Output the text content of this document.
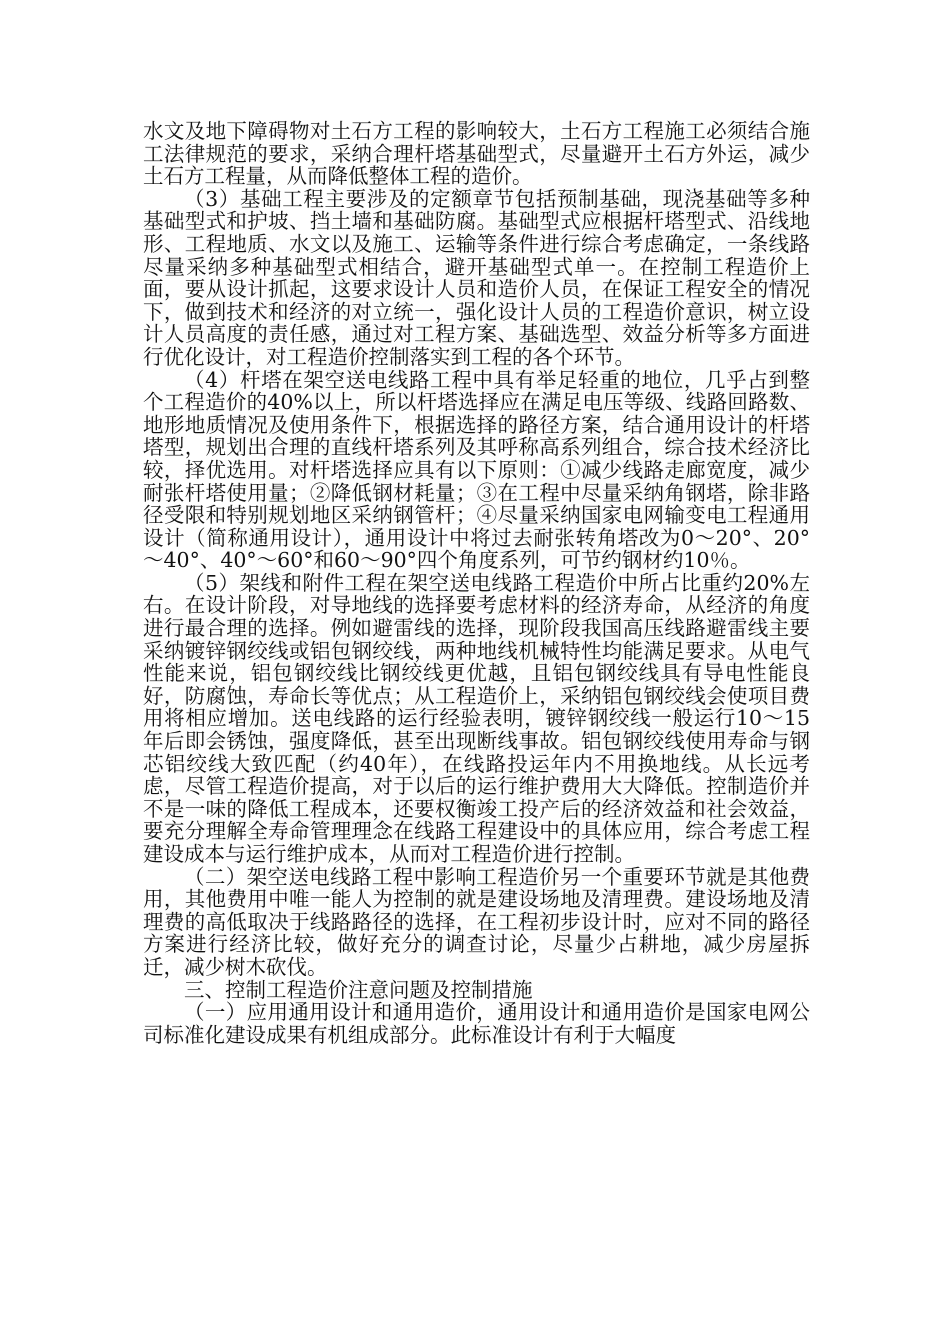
水文及地下障碍物对土石方工程的影响较大，土石方工程施工必须结合施工法律规范的要求，采纳合理杆塔基础型式，尽量避开土石方外运，减少土石方工程量，从而降低整体工程的造价。

（3）基础工程主要涉及的定额章节包括预制基础，现浇基础等多种基础型式和护坡、挡土墙和基础防腐。基础型式应根据杆塔型式、沿线地形、工程地质、水文以及施工、运输等条件进行综合考虑确定，一条线路尽量采纳多种基础型式相结合，避开基础型式单一。在控制工程造价上面，要从设计抓起，这要求设计人员和造价人员，在保证工程安全的情况下，做到技术和经济的对立统一，强化设计人员的工程造价意识，树立设计人员高度的责任感，通过对工程方案、基础选型、效益分析等多方面进行优化设计，对工程造价控制落实到工程的各个环节。

（4）杆塔在架空送电线路工程中具有举足轻重的地位，几乎占到整个工程造价的40%以上，所以杆塔选择应在满足电压等级、线路回路数、地形地质情况及使用条件下，根据选择的路径方案，结合通用设计的杆塔塔型，规划出合理的直线杆塔系列及其呼称高系列组合，综合技术经济比较，择优选用。对杆塔选择应具有以下原则：①减少线路走廊宽度，减少耐张杆塔使用量；②降低钢材耗量；③在工程中尽量采纳角钢塔，除非路径受限和特别规划地区采纳钢管杆；④尽量采纳国家电网输变电工程通用设计（简称通用设计），通用设计中将过去耐张转角塔改为0～20°、20°～40°、40°～60°和60～90°四个角度系列，可节约钢材约10％。

（5）架线和附件工程在架空送电线路工程造价中所占比重约20%左右。在设计阶段，对导地线的选择要考虑材料的经济寿命，从经济的角度进行最合理的选择。例如避雷线的选择，现阶段我国高压线路避雷线主要采纳镀锌钢绞线或铝包钢绞线，两种地线机械特性均能满足要求。从电气性能来说，铝包钢绞线比钢绞线更优越，且铝包钢绞线具有导电性能良好，防腐蚀，寿命长等优点；从工程造价上，采纳铝包钢绞线会使项目费用将相应增加。送电线路的运行经验表明，镀锌钢绞线一般运行10～15年后即会锈蚀，强度降低，甚至出现断线事故。铝包钢绞线使用寿命与钢芯铝绞线大致匹配（约40年），在线路投运年内不用换地线。从长远考虑，尽管工程造价提高，对于以后的运行维护费用大大降低。控制造价并不是一味的降低工程成本，还要权衡竣工投产后的经济效益和社会效益，要充分理解全寿命管理理念在线路工程建设中的具体应用，综合考虑工程建设成本与运行维护成本，从而对工程造价进行控制。

（二）架空送电线路工程中影响工程造价另一个重要环节就是其他费用，其他费用中唯一能人为控制的就是建设场地及清理费。建设场地及清理费的高低取决于线路路径的选择，在工程初步设计时，应对不同的路径方案进行经济比较，做好充分的调查讨论，尽量少占耕地，减少房屋拆迁，减少树木砍伐。

三、控制工程造价注意问题及控制措施

（一）应用通用设计和通用造价，通用设计和通用造价是国家电网公司标准化建设成果有机组成部分。此标准设计有利于大幅度
